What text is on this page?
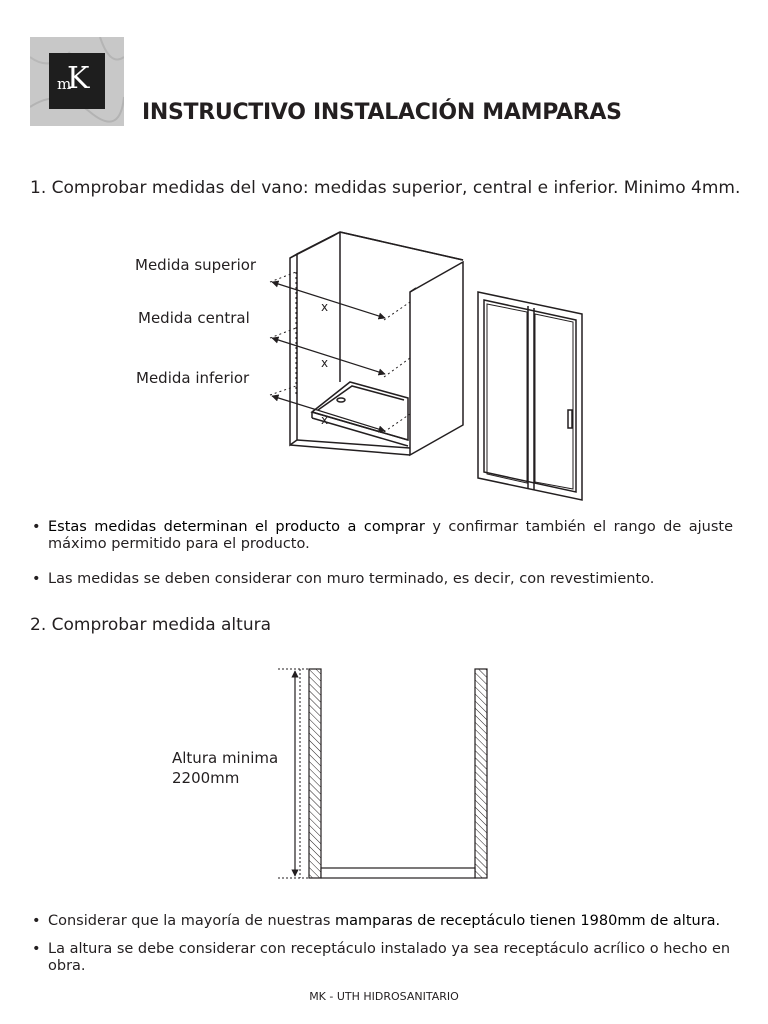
m
K
INSTRUCTIVO INSTALACIÓN MAMPARAS
1. Comprobar medidas del vano: medidas superior, central e inferior. Minimo 4mm.
Medida superior
Medida central
Medida inferior
x
x
x
• Estas medidas determinan el producto a comprar y confirmar también el rango de ajuste máximo permitido para el producto.
• Las medidas se deben considerar con muro terminado, es decir, con revestimiento.
2. Comprobar medida altura
Altura minima
2200mm
• Considerar que la mayoría de nuestras mamparas de receptáculo tienen 1980mm de altura.
• La altura se debe considerar con receptáculo instalado ya sea receptáculo acrílico o hecho en obra.
MK - UTH HIDROSANITARIO
